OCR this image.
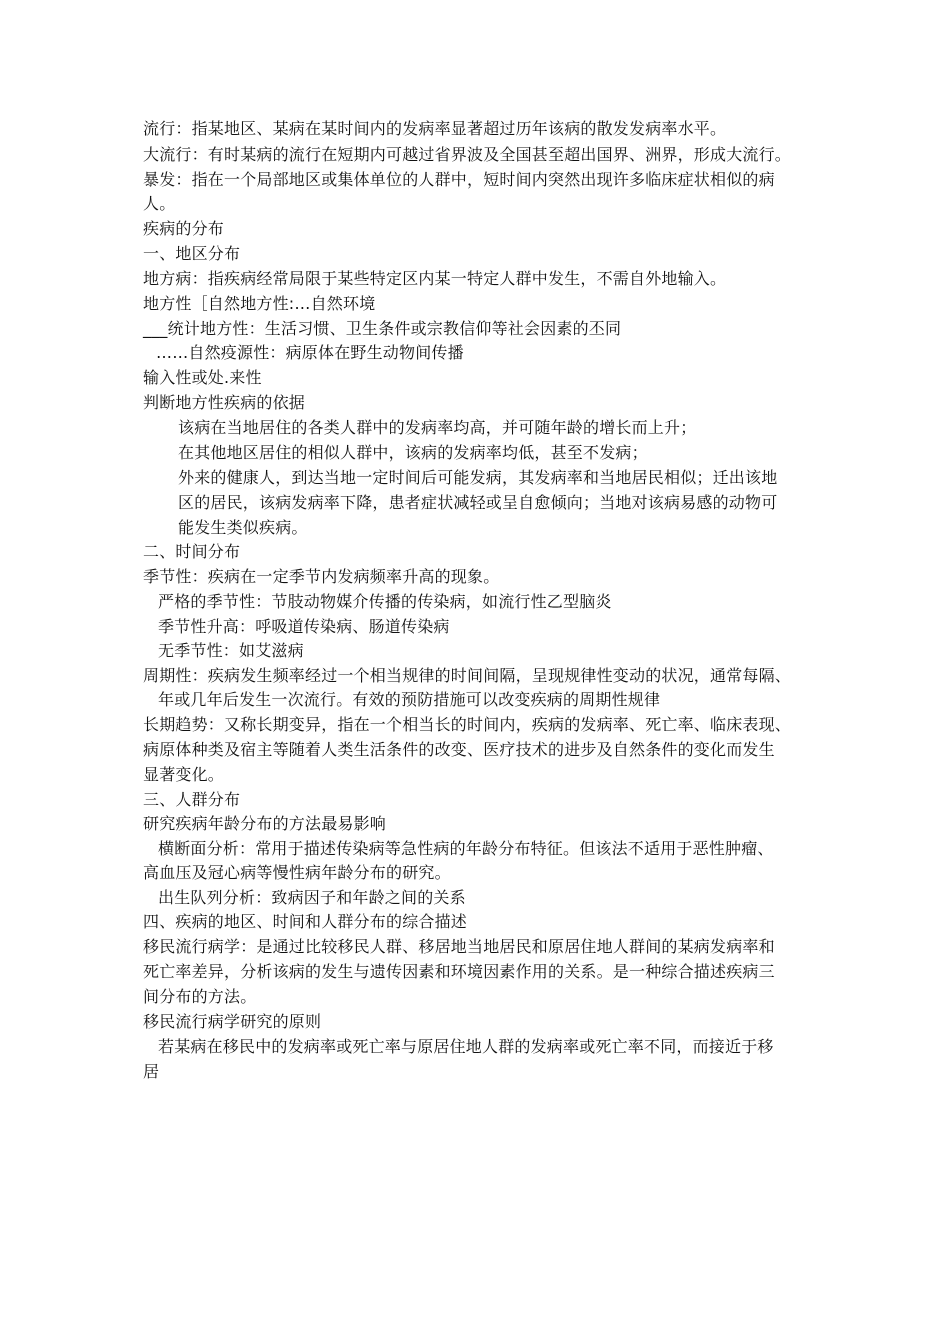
流行：指某地区、某病在某时间内的发病率显著超过历年该病的散发发病率水平。
大流行：有时某病的流行在短期内可越过省界波及全国甚至超出国界、洲界，形成大流行。
暴发：指在一个局部地区或集体单位的人群中，短时间内突然出现许多临床症状相似的病
人。
疾病的分布
一、地区分布
地方病：指疾病经常局限于某些特定区内某一特定人群中发生，不需自外地输入。
地方性［自然地方性:…自然环境
___统计地方性：生活习惯、卫生条件或宗教信仰等社会因素的丕同
……自然疫源性：病原体在野生动物间传播
输入性或处.来性
判断地方性疾病的依据
该病在当地居住的各类人群中的发病率均高，并可随年龄的增长而上升；
在其他地区居住的相似人群中，该病的发病率均低，甚至不发病；
外来的健康人，到达当地一定时间后可能发病，其发病率和当地居民相似；迁出该地
区的居民，该病发病率下降，患者症状减轻或呈自愈倾向；当地对该病易感的动物可
能发生类似疾病。
二、时间分布
季节性：疾病在一定季节内发病频率升高的现象。
严格的季节性：节肢动物媒介传播的传染病，如流行性乙型脑炎
季节性升高：呼吸道传染病、肠道传染病
无季节性：如艾滋病
周期性：疾病发生频率经过一个相当规律的时间间隔，呈现规律性变动的状况，通常每隔、
年或几年后发生一次流行。有效的预防措施可以改变疾病的周期性规律
长期趋势：又称长期变异，指在一个相当长的时间内，疾病的发病率、死亡率、临床表现、
病原体种类及宿主等随着人类生活条件的改变、医疗技术的进步及自然条件的变化而发生
显著变化。
三、人群分布
研究疾病年龄分布的方法最易影响
横断面分析：常用于描述传染病等急性病的年龄分布特征。但该法不适用于恶性肿瘤、
高血压及冠心病等慢性病年龄分布的研究。
出生队列分析：致病因子和年龄之间的关系
四、疾病的地区、时间和人群分布的综合描述
移民流行病学：是通过比较移民人群、移居地当地居民和原居住地人群间的某病发病率和
死亡率差异，分析该病的发生与遗传因素和环境因素作用的关系。是一种综合描述疾病三
间分布的方法。
移民流行病学研究的原则
若某病在移民中的发病率或死亡率与原居住地人群的发病率或死亡率不同，而接近于移
居
